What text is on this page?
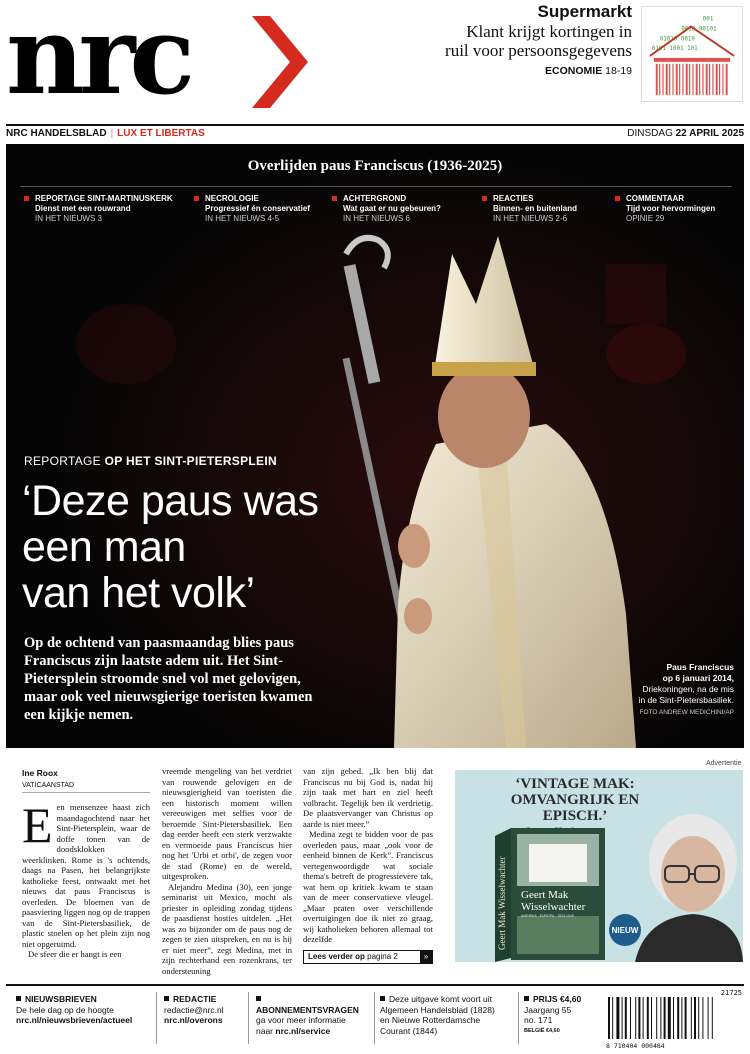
nrc	Supermarkt
Klant krijgt kortingen in ruil voor persoonsgegevens
ECONOMIE 18-19
001
0010 00101
01010 0010
0101 1001 101
NRC HANDELSBLAD | LUX ET LIBERTAS	DINSDAG 22 APRIL 2025
Overlijden paus Franciscus (1936-2025)
REPORTAGE SINT-MARTINUSKERK
Dienst met een rouwrand
IN HET NIEUWS 3
NECROLOGIE
Progressief én conservatief
IN HET NIEUWS 4-5
ACHTERGROND
Wat gaat er nu gebeuren?
IN HET NIEUWS 6
REACTIES
Binnen- en buitenland
IN HET NIEUWS 2-6
COMMENTAAR
Tijd voor hervormingen
OPINIE 29
REPORTAGE OP HET SINT-PIETERSPLEIN
‘Deze paus was
een man
van het volk’

Op de ochtend van paasmaandag blies paus Franciscus zijn laatste adem uit. Het Sint-Pietersplein stroomde snel vol met gelovigen, maar ook veel nieuwsgierige toeristen kwamen een kijkje nemen.

Paus Franciscus
op 6 januari 2014,
Driekoningen, na de mis
in de Sint-Pietersbasiliek.
FOTO ANDREW MEDICHINI/AP
Ine Roox
VATICAANSTAD
E en mensenzee haast zich maandagochtend naar het Sint-Pietersplein, waar de doffe tonen van de doodsklokken weerklinken. Rome is 's ochtends, daags na Pasen, het belangrijkste katholieke feest, ontwaakt met het nieuws dat paus Franciscus is overleden. De bloemen van de paasviering liggen nog op de trappen van de Sint-Pietersbasiliek, de plastic stoelen op het plein zijn nog niet opgeruimd.

De sfeer die er hangt is een

vreemde mengeling van het verdriet van rouwende gelovigen en de nieuwsgierigheid van toeristen die een historisch moment willen vereeuwigen met selfies voor de beroemde Sint-Pietersbasiliek. Een dag eerder heeft een sterk verzwakte en vermoeide paus Franciscus hier nog het 'Urbi et orbi', de zegen voor de stad (Rome) en de wereld, uitgesproken.

Alejandro Medina (30), een jonge seminarist uit Mexico, mocht als priester in opleiding zondag tijdens de paasdienst hosties uitdelen. „Het was zo bijzonder om de paus nog de zegen te zien uitspreken, en nu is hij er niet meer”, zegt Medina, met in zijn rechterhand een rozenkrans, ter ondersteuning

van zijn gebed. „Ik ben blij dat Franciscus nu bij God is, nadat hij zijn taak met hart en ziel heeft volbracht. Tegelijk ben ik verdrietig. De plaatsvervanger van Christus op aarde is niet meer.”

Medina zegt te bidden voor de pas overleden paus, maar „ook voor de eenheid binnen de Kerk”. Franciscus vertegenwoordigde wat sociale thema's betreft de progressievere tak, wat hem op kritiek kwam te staan van de meer conservatieve vleugel. „Maar praten over verschillende overtuigingen doe ik niet zo graag, wij katholieken behoren allemaal tot dezelfde

Lees verder op pagina 2	»
Advertentie
‘VINTAGE MAK:
OMVANGRIJK EN EPISCH.’
Geert Mak Wisselwachter Geert Mak
Wisselwachter
AMERIKA - EUROPA - 1923-1945
NIEUW
NIEUWSBRIEVEN
De hele dag op de hoogte
nrc.nl/nieuwsbrieven/actueel
REDACTIE
redactie@nrc.nl
nrc.nl/overons
ABONNEMENTSVRAGEN
ga voor meer informatie
naar nrc.nl/service
Deze uitgave komt voort uit
Algemeen Handelsblad (1828)
en Nieuwe Rotterdamsche
Courant (1844)
PRIJS €4,60
Jaargang 55
no. 171
BELGIË €4,60
21725
8 710404 000484
